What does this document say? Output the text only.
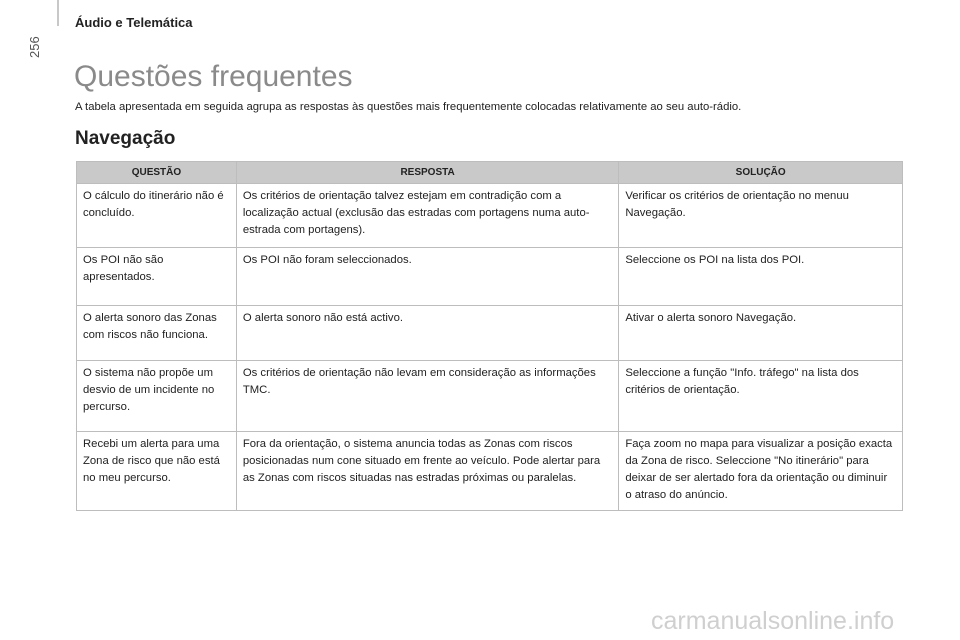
Áudio e Telemática
256
Questões frequentes

A tabela apresentada em seguida agrupa as respostas às questões mais frequentemente colocadas relativamente ao seu auto-rádio.

Navegação
QUESTÃO	RESPOSTA	SOLUÇÃO
O cálculo do itinerário não é concluído.	Os critérios de orientação talvez estejam em contradição com a localização actual (exclusão das estradas com portagens numa auto-estrada com portagens).	Verificar os critérios de orientação no menuu Navegação.
Os POI não são apresentados.	Os POI não foram seleccionados.	Seleccione os POI na lista dos POI.
O alerta sonoro das Zonas com riscos não funciona.	O alerta sonoro não está activo.	Ativar o alerta sonoro Navegação.
O sistema não propõe um desvio de um incidente no percurso.	Os critérios de orientação não levam em consideração as informações TMC.	Seleccione a função "Info. tráfego" na lista dos critérios de orientação.
Recebi um alerta para uma Zona de risco que não está no meu percurso.	Fora da orientação, o sistema anuncia todas as Zonas com riscos posicionadas num cone situado em frente ao veículo. Pode alertar para as Zonas com riscos situadas nas estradas próximas ou paralelas.	Faça zoom no mapa para visualizar a posição exacta da Zona de risco. Seleccione "No itinerário" para deixar de ser alertado fora da orientação ou diminuir o atraso do anúncio.
carmanualsonline.info
